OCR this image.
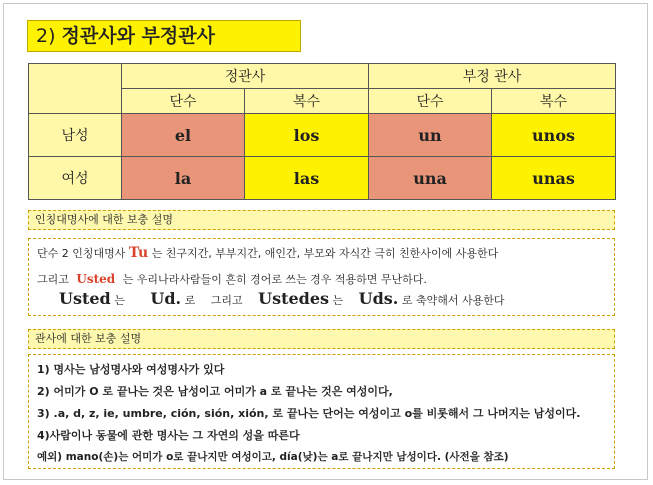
2) 정관사와 부정관사
	정관사		부정 관사	
	단수	복수	단수	복수
남성	el	los	un	unos
여성	la	las	una	unas
인칭대명사에 대한 보충 설명
단수 2 인칭대명사 Tu 는 친구지간, 부부지간, 애인간, 부모와 자식간 극히 친한사이에 사용한다
그리고 Usted 는 우리나라사람들이 흔히 경어로 쓰는 경우 적용하면 무난하다.
Usted 는 Ud. 로 그리고 Ustedes 는 Uds. 로 축약해서 사용한다
관사에 대한 보충 설명
1) 명사는 남성명사와 여성명사가 있다
2) 어미가 O 로 끝나는 것은 남성이고 어미가 a 로 끝나는 것은 여성이다,
3) .a, d, z, ie, umbre, ción, sión, xión, 로 끝나는 단어는 여성이고 o를 비롯해서 그 나머지는 남성이다.
4)사람이나 동물에 관한 명사는 그 자연의 성을 따른다
예외) mano(손)는 어미가 o로 끝나지만 여성이고, día(낮)는 a로 끝나지만 남성이다. (사전을 참조)
